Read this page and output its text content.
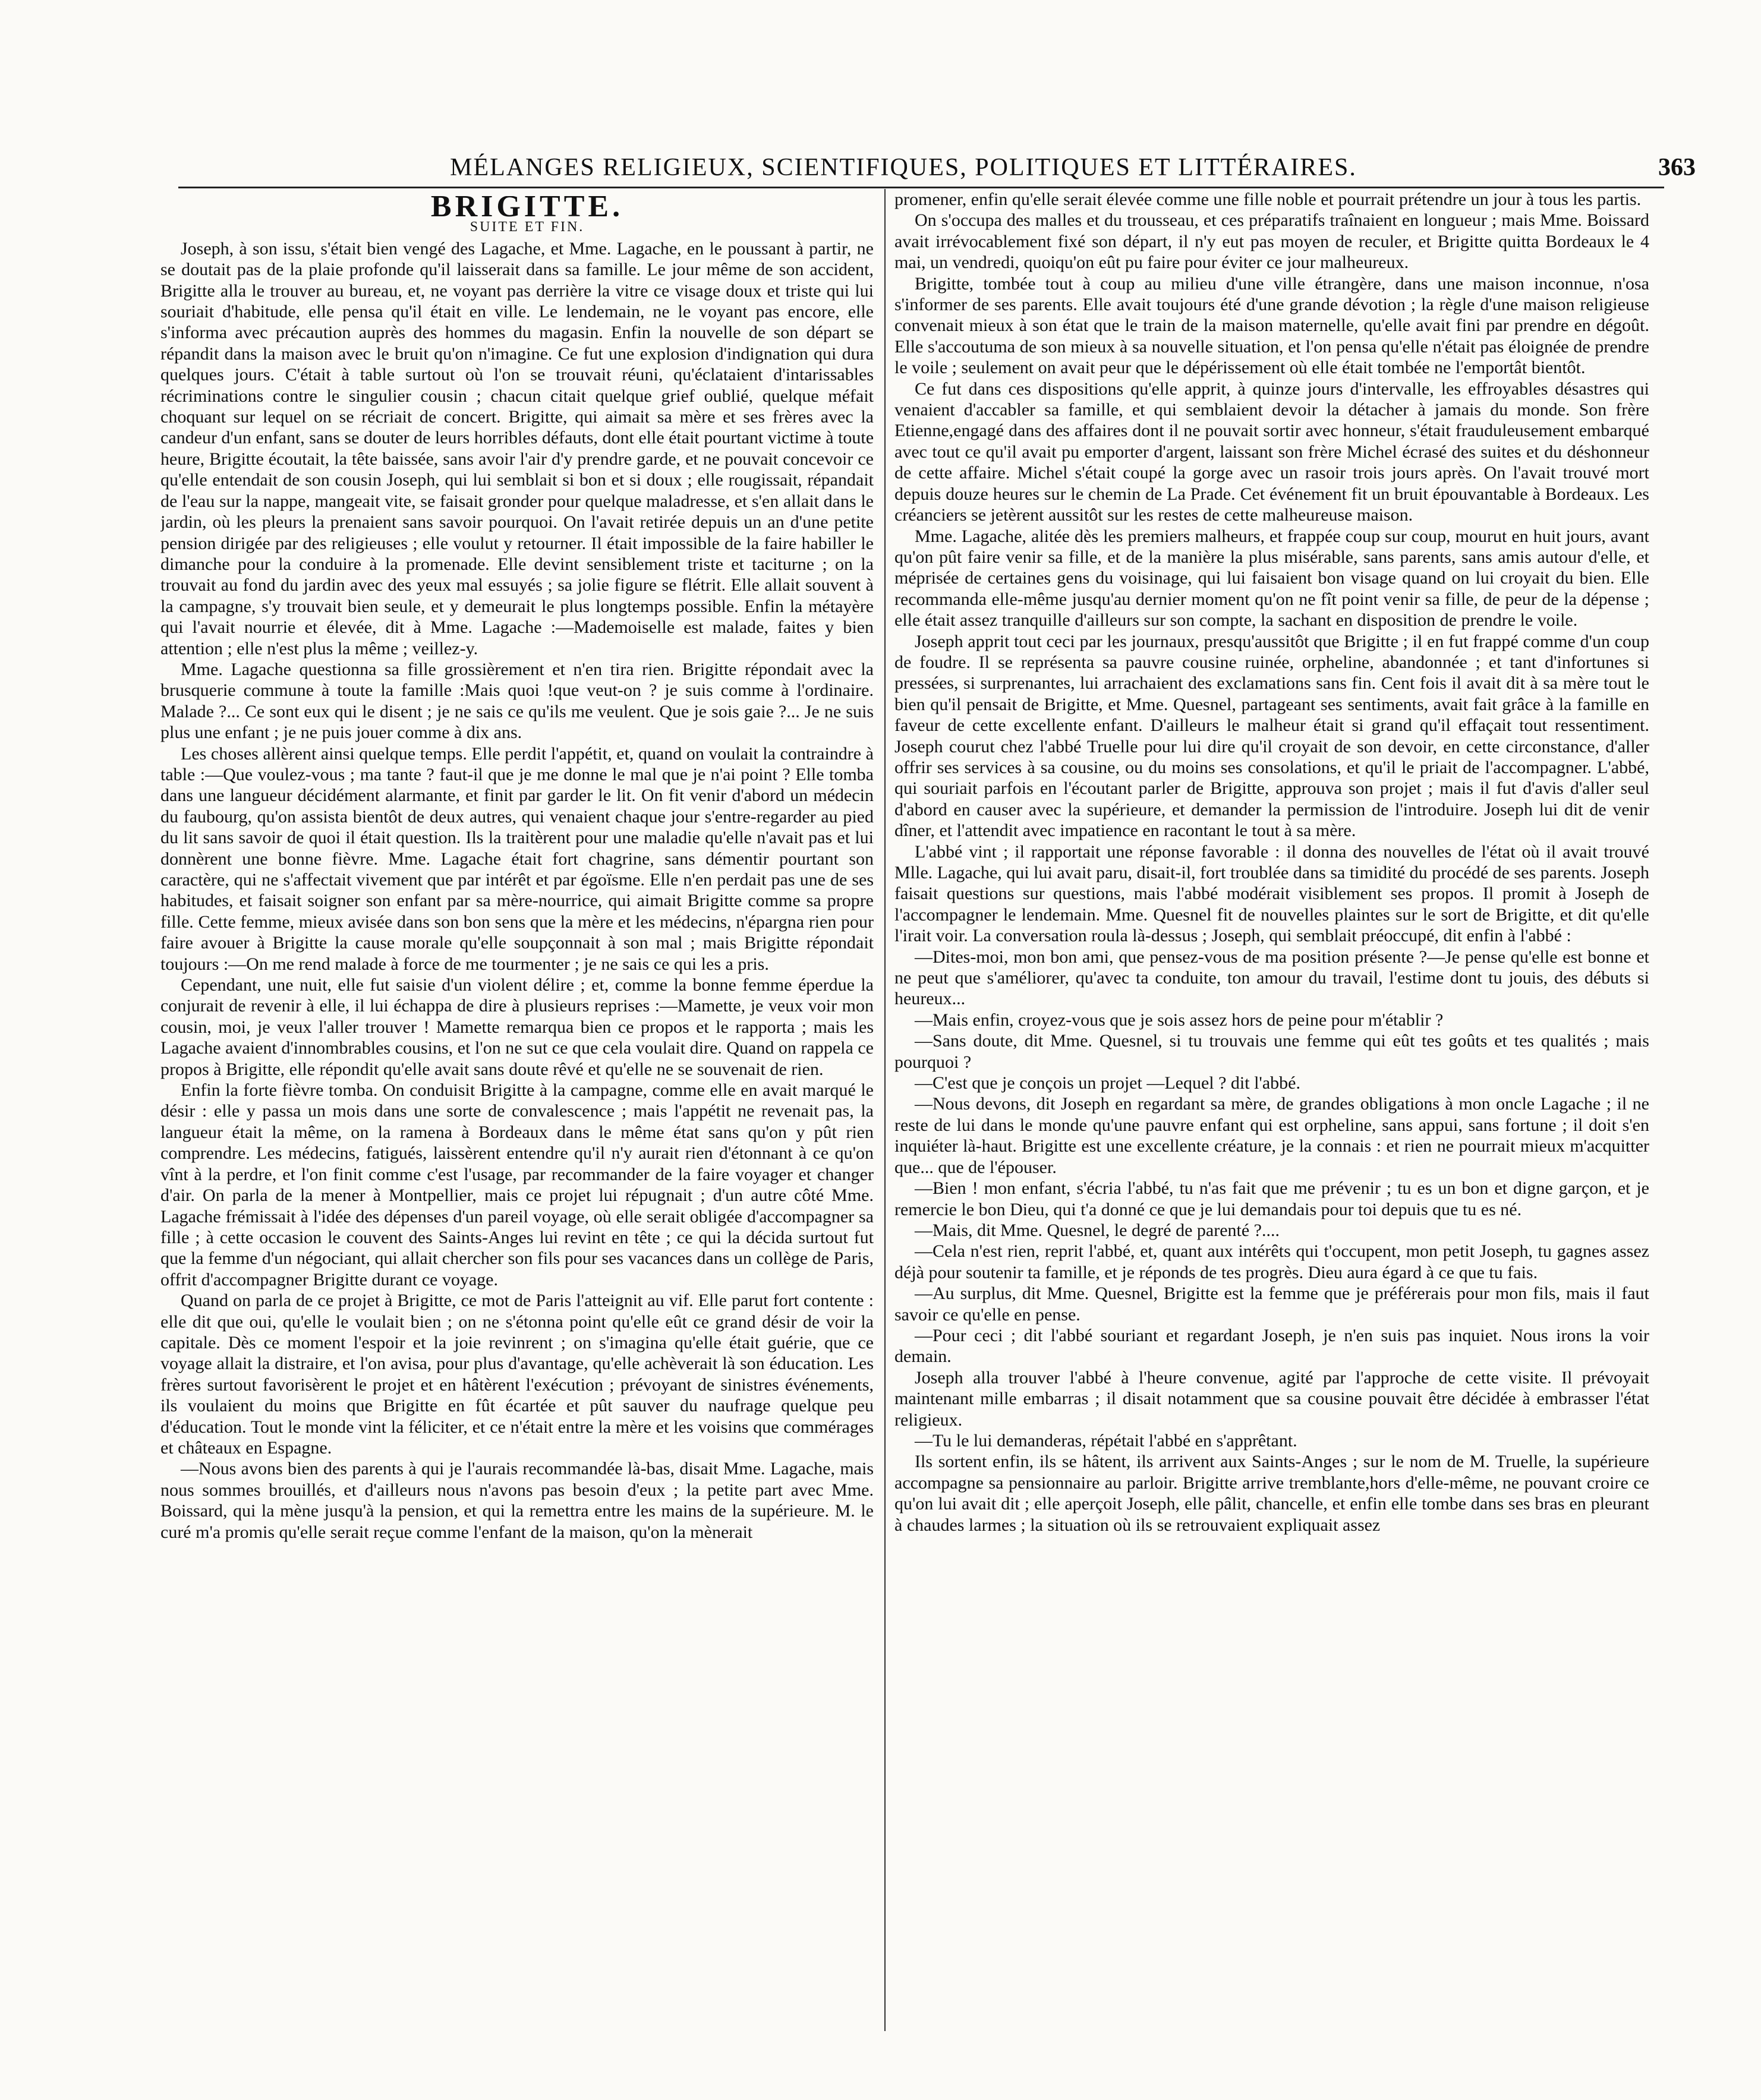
MÉLANGES RELIGIEUX, SCIENTIFIQUES, POLITIQUES ET LITTÉRAIRES.	363

BRIGITTE.

SUITE ET FIN.

Joseph, à son issu, s'était bien vengé des Lagache, et Mme. Lagache, en le poussant à partir, ne se doutait pas de la plaie profonde qu'il laisserait dans sa famille. Le jour même de son accident, Brigitte alla le trouver au bureau, et, ne voyant pas derrière la vitre ce visage doux et triste qui lui souriait d'habitude, elle pensa qu'il était en ville. Le lendemain, ne le voyant pas encore, elle s'informa avec précaution auprès des hommes du magasin. Enfin la nouvelle de son départ se répandit dans la maison avec le bruit qu'on n'imagine. Ce fut une explosion d'indignation qui dura quelques jours. C'était à table surtout où l'on se trouvait réuni, qu'éclataient d'intarissables récriminations contre le singulier cousin ; chacun citait quelque grief oublié, quelque méfait choquant sur lequel on se récriait de concert. Brigitte, qui aimait sa mère et ses frères avec la candeur d'un enfant, sans se douter de leurs horribles défauts, dont elle était pourtant victime à toute heure, Brigitte écoutait, la tête baissée, sans avoir l'air d'y prendre garde, et ne pouvait concevoir ce qu'elle entendait de son cousin Joseph, qui lui semblait si bon et si doux ; elle rougissait, répandait de l'eau sur la nappe, mangeait vite, se faisait gronder pour quelque maladresse, et s'en allait dans le jardin, où les pleurs la prenaient sans savoir pourquoi. On l'avait retirée depuis un an d'une petite pension dirigée par des religieuses ; elle voulut y retourner. Il était impossible de la faire habiller le dimanche pour la conduire à la promenade. Elle devint sensiblement triste et taciturne ; on la trouvait au fond du jardin avec des yeux mal essuyés ; sa jolie figure se flétrit. Elle allait souvent à la campagne, s'y trouvait bien seule, et y demeurait le plus longtemps possible. Enfin la métayère qui l'avait nourrie et élevée, dit à Mme. Lagache :—Mademoiselle est malade, faites y bien attention ; elle n'est plus la même ; veillez-y.

Mme. Lagache questionna sa fille grossièrement et n'en tira rien. Brigitte répondait avec la brusquerie commune à toute la famille :Mais quoi !que veut-on ? je suis comme à l'ordinaire. Malade ?... Ce sont eux qui le disent ; je ne sais ce qu'ils me veulent. Que je sois gaie ?... Je ne suis plus une enfant ; je ne puis jouer comme à dix ans.

Les choses allèrent ainsi quelque temps. Elle perdit l'appétit, et, quand on voulait la contraindre à table :—Que voulez-vous ; ma tante ? faut-il que je me donne le mal que je n'ai point ? Elle tomba dans une langueur décidément alarmante, et finit par garder le lit. On fit venir d'abord un médecin du faubourg, qu'on assista bientôt de deux autres, qui venaient chaque jour s'entre-regarder au pied du lit sans savoir de quoi il était question. Ils la traitèrent pour une maladie qu'elle n'avait pas et lui donnèrent une bonne fièvre. Mme. Lagache était fort chagrine, sans démentir pourtant son caractère, qui ne s'affectait vivement que par intérêt et par égoïsme. Elle n'en perdait pas une de ses habitudes, et faisait soigner son enfant par sa mère-nourrice, qui aimait Brigitte comme sa propre fille. Cette femme, mieux avisée dans son bon sens que la mère et les médecins, n'épargna rien pour faire avouer à Brigitte la cause morale qu'elle soupçonnait à son mal ; mais Brigitte répondait toujours :—On me rend malade à force de me tourmenter ; je ne sais ce qui les a pris.

Cependant, une nuit, elle fut saisie d'un violent délire ; et, comme la bonne femme éperdue la conjurait de revenir à elle, il lui échappa de dire à plusieurs reprises :—Mamette, je veux voir mon cousin, moi, je veux l'aller trouver ! Mamette remarqua bien ce propos et le rapporta ; mais les Lagache avaient d'innombrables cousins, et l'on ne sut ce que cela voulait dire. Quand on rappela ce propos à Brigitte, elle répondit qu'elle avait sans doute rêvé et qu'elle ne se souvenait de rien.

Enfin la forte fièvre tomba. On conduisit Brigitte à la campagne, comme elle en avait marqué le désir : elle y passa un mois dans une sorte de convalescence ; mais l'appétit ne revenait pas, la langueur était la même, on la ramena à Bordeaux dans le même état sans qu'on y pût rien comprendre. Les médecins, fatigués, laissèrent entendre qu'il n'y aurait rien d'étonnant à ce qu'on vînt à la perdre, et l'on finit comme c'est l'usage, par recommander de la faire voyager et changer d'air. On parla de la mener à Montpellier, mais ce projet lui répugnait ; d'un autre côté Mme. Lagache frémissait à l'idée des dépenses d'un pareil voyage, où elle serait obligée d'accompagner sa fille ; à cette occasion le couvent des Saints-Anges lui revint en tête ; ce qui la décida surtout fut que la femme d'un négociant, qui allait chercher son fils pour ses vacances dans un collège de Paris, offrit d'accompagner Brigitte durant ce voyage.

Quand on parla de ce projet à Brigitte, ce mot de Paris l'atteignit au vif. Elle parut fort contente : elle dit que oui, qu'elle le voulait bien ; on ne s'étonna point qu'elle eût ce grand désir de voir la capitale. Dès ce moment l'espoir et la joie revinrent ; on s'imagina qu'elle était guérie, que ce voyage allait la distraire, et l'on avisa, pour plus d'avantage, qu'elle achèverait là son éducation. Les frères surtout favorisèrent le projet et en hâtèrent l'exécution ; prévoyant de sinistres événements, ils voulaient du moins que Brigitte en fût écartée et pût sauver du naufrage quelque peu d'éducation. Tout le monde vint la féliciter, et ce n'était entre la mère et les voisins que commérages et châteaux en Espagne.

—Nous avons bien des parents à qui je l'aurais recommandée là-bas, disait Mme. Lagache, mais nous sommes brouillés, et d'ailleurs nous n'avons pas besoin d'eux ; la petite part avec Mme. Boissard, qui la mène jusqu'à la pension, et qui la remettra entre les mains de la supérieure. M. le curé m'a promis qu'elle serait reçue comme l'enfant de la maison, qu'on la mènerait

promener, enfin qu'elle serait élevée comme une fille noble et pourrait prétendre un jour à tous les partis.

On s'occupa des malles et du trousseau, et ces préparatifs traînaient en longueur ; mais Mme. Boissard avait irrévocablement fixé son départ, il n'y eut pas moyen de reculer, et Brigitte quitta Bordeaux le 4 mai, un vendredi, quoiqu'on eût pu faire pour éviter ce jour malheureux.

Brigitte, tombée tout à coup au milieu d'une ville étrangère, dans une maison inconnue, n'osa s'informer de ses parents. Elle avait toujours été d'une grande dévotion ; la règle d'une maison religieuse convenait mieux à son état que le train de la maison maternelle, qu'elle avait fini par prendre en dégoût. Elle s'accoutuma de son mieux à sa nouvelle situation, et l'on pensa qu'elle n'était pas éloignée de prendre le voile ; seulement on avait peur que le dépérissement où elle était tombée ne l'emportât bientôt.

Ce fut dans ces dispositions qu'elle apprit, à quinze jours d'intervalle, les effroyables désastres qui venaient d'accabler sa famille, et qui semblaient devoir la détacher à jamais du monde. Son frère Etienne,engagé dans des affaires dont il ne pouvait sortir avec honneur, s'était frauduleusement embarqué avec tout ce qu'il avait pu emporter d'argent, laissant son frère Michel écrasé des suites et du déshonneur de cette affaire. Michel s'était coupé la gorge avec un rasoir trois jours après. On l'avait trouvé mort depuis douze heures sur le chemin de La Prade. Cet événement fit un bruit épouvantable à Bordeaux. Les créanciers se jetèrent aussitôt sur les restes de cette malheureuse maison.

Mme. Lagache, alitée dès les premiers malheurs, et frappée coup sur coup, mourut en huit jours, avant qu'on pût faire venir sa fille, et de la manière la plus misérable, sans parents, sans amis autour d'elle, et méprisée de certaines gens du voisinage, qui lui faisaient bon visage quand on lui croyait du bien. Elle recommanda elle-même jusqu'au dernier moment qu'on ne fît point venir sa fille, de peur de la dépense ; elle était assez tranquille d'ailleurs sur son compte, la sachant en disposition de prendre le voile.

Joseph apprit tout ceci par les journaux, presqu'aussitôt que Brigitte ; il en fut frappé comme d'un coup de foudre. Il se représenta sa pauvre cousine ruinée, orpheline, abandonnée ; et tant d'infortunes si pressées, si surprenantes, lui arrachaient des exclamations sans fin. Cent fois il avait dit à sa mère tout le bien qu'il pensait de Brigitte, et Mme. Quesnel, partageant ses sentiments, avait fait grâce à la famille en faveur de cette excellente enfant. D'ailleurs le malheur était si grand qu'il effaçait tout ressentiment. Joseph courut chez l'abbé Truelle pour lui dire qu'il croyait de son devoir, en cette circonstance, d'aller offrir ses services à sa cousine, ou du moins ses consolations, et qu'il le priait de l'accompagner. L'abbé, qui souriait parfois en l'écoutant parler de Brigitte, approuva son projet ; mais il fut d'avis d'aller seul d'abord en causer avec la supérieure, et demander la permission de l'introduire. Joseph lui dit de venir dîner, et l'attendit avec impatience en racontant le tout à sa mère.

L'abbé vint ; il rapportait une réponse favorable : il donna des nouvelles de l'état où il avait trouvé Mlle. Lagache, qui lui avait paru, disait-il, fort troublée dans sa timidité du procédé de ses parents. Joseph faisait questions sur questions, mais l'abbé modérait visiblement ses propos. Il promit à Joseph de l'accompagner le lendemain. Mme. Quesnel fit de nouvelles plaintes sur le sort de Brigitte, et dit qu'elle l'irait voir. La conversation roula là-dessus ; Joseph, qui semblait préoccupé, dit enfin à l'abbé :

—Dites-moi, mon bon ami, que pensez-vous de ma position présente ?—Je pense qu'elle est bonne et ne peut que s'améliorer, qu'avec ta conduite, ton amour du travail, l'estime dont tu jouis, des débuts si heureux...

—Mais enfin, croyez-vous que je sois assez hors de peine pour m'établir ?

—Sans doute, dit Mme. Quesnel, si tu trouvais une femme qui eût tes goûts et tes qualités ; mais pourquoi ?

—C'est que je conçois un projet —Lequel ? dit l'abbé.

—Nous devons, dit Joseph en regardant sa mère, de grandes obligations à mon oncle Lagache ; il ne reste de lui dans le monde qu'une pauvre enfant qui est orpheline, sans appui, sans fortune ; il doit s'en inquiéter là-haut. Brigitte est une excellente créature, je la connais : et rien ne pourrait mieux m'acquitter que... que de l'épouser.

—Bien ! mon enfant, s'écria l'abbé, tu n'as fait que me prévenir ; tu es un bon et digne garçon, et je remercie le bon Dieu, qui t'a donné ce que je lui demandais pour toi depuis que tu es né.

—Mais, dit Mme. Quesnel, le degré de parenté ?....

—Cela n'est rien, reprit l'abbé, et, quant aux intérêts qui t'occupent, mon petit Joseph, tu gagnes assez déjà pour soutenir ta famille, et je réponds de tes progrès. Dieu aura égard à ce que tu fais.

—Au surplus, dit Mme. Quesnel, Brigitte est la femme que je préférerais pour mon fils, mais il faut savoir ce qu'elle en pense.

—Pour ceci ; dit l'abbé souriant et regardant Joseph, je n'en suis pas inquiet. Nous irons la voir demain.

Joseph alla trouver l'abbé à l'heure convenue, agité par l'approche de cette visite. Il prévoyait maintenant mille embarras ; il disait notamment que sa cousine pouvait être décidée à embrasser l'état religieux.

—Tu le lui demanderas, répétait l'abbé en s'apprêtant.

Ils sortent enfin, ils se hâtent, ils arrivent aux Saints-Anges ; sur le nom de M. Truelle, la supérieure accompagne sa pensionnaire au parloir. Brigitte arrive tremblante,hors d'elle-même, ne pouvant croire ce qu'on lui avait dit ; elle aperçoit Joseph, elle pâlit, chancelle, et enfin elle tombe dans ses bras en pleurant à chaudes larmes ; la situation où ils se retrouvaient expliquait assez
